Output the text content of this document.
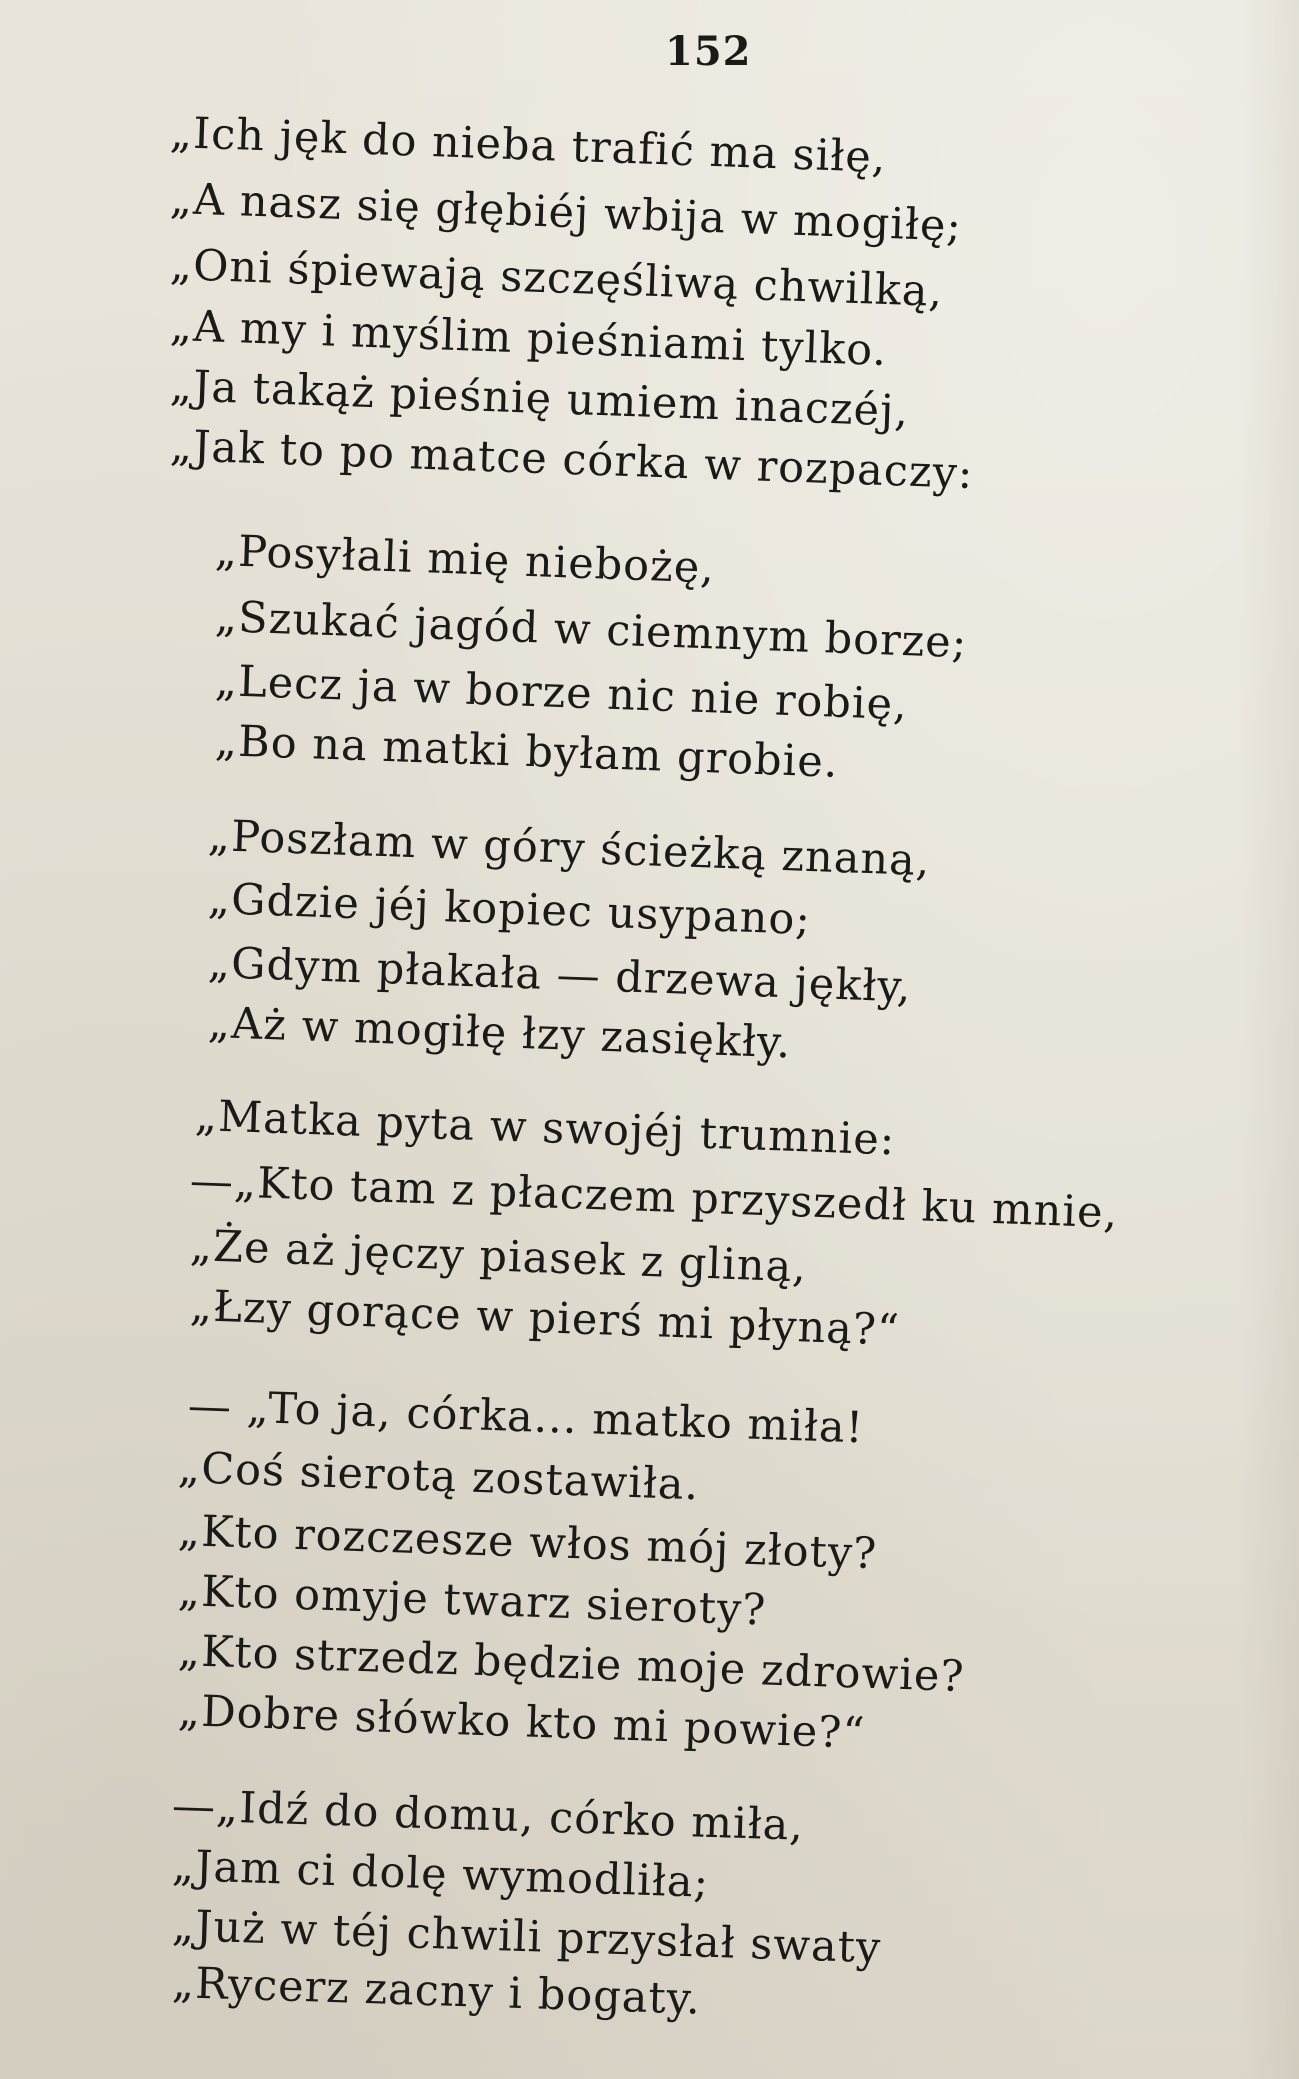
152
„Ich jęk do nieba trafić ma siłę,
„A nasz się głębiéj wbija w mogiłę;
„Oni śpiewają szczęśliwą chwilką,
„A my i myślim pieśniami tylko.
„Ja takąż pieśnię umiem inaczéj,
„Jak to po matce córka w rozpaczy:
„Posyłali mię niebożę,
„Szukać jagód w ciemnym borze;
„Lecz ja w borze nic nie robię,
„Bo na matki byłam grobie.
„Poszłam w góry ścieżką znaną,
„Gdzie jéj kopiec usypano;
„Gdym płakała — drzewa jękły,
„Aż w mogiłę łzy zasiękły.
„Matka pyta w swojéj trumnie:
—„Kto tam z płaczem przyszedł ku mnie,
„Że aż jęczy piasek z gliną,
„Łzy gorące w pierś mi płyną?“
— „To ja, córka... matko miła!
„Coś sierotą zostawiła.
„Kto rozczesze włos mój złoty?
„Kto omyje twarz sieroty?
„Kto strzedz będzie moje zdrowie?
„Dobre słówko kto mi powie?“
—„Idź do domu, córko miła,
„Jam ci dolę wymodliła;
„Już w téj chwili przysłał swaty
„Rycerz zacny i bogaty.
